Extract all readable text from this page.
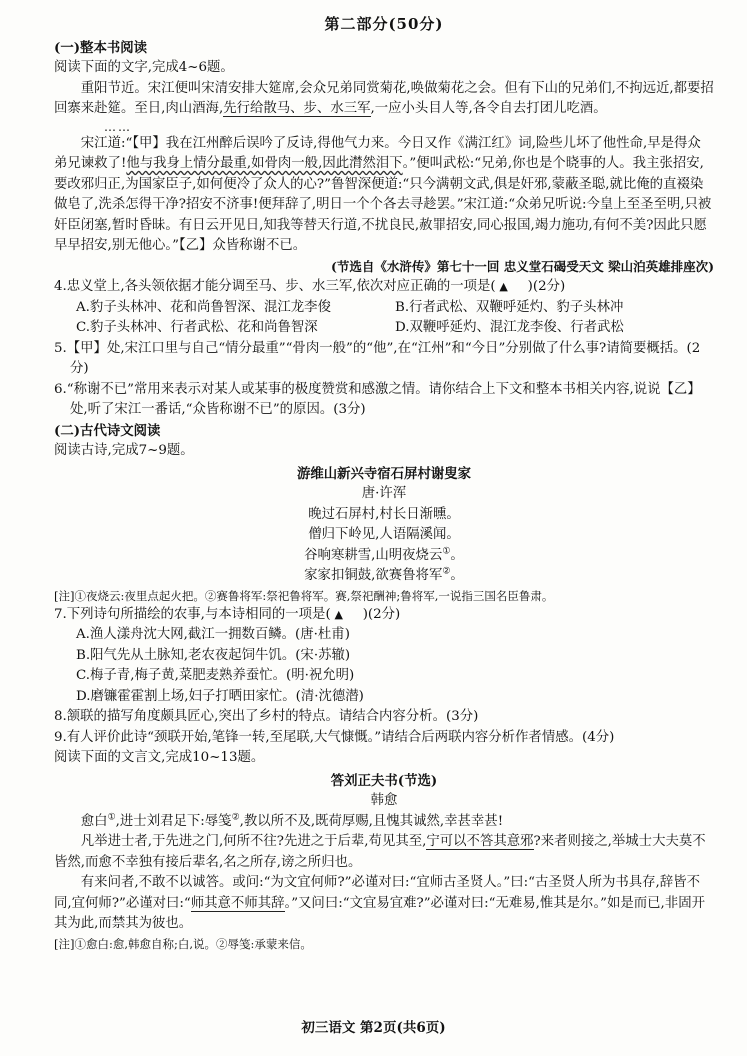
第二部分(50分)

(一)整本书阅读

阅读下面的文字,完成4~6题。

重阳节近。宋江便叫宋清安排大筵席,会众兄弟同赏菊花,唤做菊花之会。但有下山的兄弟们,不拘远近,都要招回寨来赴筵。至日,肉山酒海,先行给散马、步、水三军,一应小头目人等,各令自去打团儿吃酒。

……

宋江道:“【甲】我在江州醉后误吟了反诗,得他气力来。今日又作《满江红》词,险些儿坏了他性命,早是得众弟兄谏救了!他与我身上情分最重,如骨肉一般,因此潸然泪下。”便叫武松:“兄弟,你也是个晓事的人。我主张招安,要改邪归正,为国家臣子,如何便冷了众人的心?”鲁智深便道:“只今满朝文武,俱是奸邪,蒙蔽圣聪,就比俺的直裰染做皂了,洗杀怎得干净?招安不济事!便拜辞了,明日一个个各去寻趁罢。”宋江道:“众弟兄听说:今皇上至圣至明,只被奸臣闭塞,暂时昏昧。有日云开见日,知我等替天行道,不扰良民,赦罪招安,同心报国,竭力施功,有何不美?因此只愿早早招安,别无他心。”【乙】众皆称谢不已。

(节选自《水浒传》第七十一回 忠义堂石碣受天文 梁山泊英雄排座次)

4.忠义堂上,各头领依据才能分调至马、步、水三军,依次对应正确的一项是( ▲ )(2分)

A.豹子头林冲、花和尚鲁智深、混江龙李俊	B.行者武松、双鞭呼延灼、豹子头林冲

C.豹子头林冲、行者武松、花和尚鲁智深	D.双鞭呼延灼、混江龙李俊、行者武松

5.【甲】处,宋江口里与自己“情分最重”“骨肉一般”的“他”,在“江州”和“今日”分别做了什么事?请简要概括。(2分)

6.“称谢不已”常用来表示对某人或某事的极度赞赏和感激之情。请你结合上下文和整本书相关内容,说说【乙】处,听了宋江一番话,“众皆称谢不已”的原因。(3分)

(二)古代诗文阅读

阅读古诗,完成7~9题。

游维山新兴寺宿石屏村谢叟家

唐·许浑

晚过石屏村,村长日渐曛。

僧归下岭见,人语隔溪闻。

谷响寒耕雪,山明夜烧云①。

家家扣铜鼓,欲赛鲁将军②。

[注]①夜烧云:夜里点起火把。②赛鲁将军:祭祀鲁将军。赛,祭祀酬神;鲁将军,一说指三国名臣鲁肃。

7.下列诗句所描绘的农事,与本诗相同的一项是( ▲ )(2分)

A.渔人漾舟沈大网,截江一拥数百鳞。(唐·杜甫)

B.阳气先从土脉知,老农夜起饲牛饥。(宋·苏辙)

C.梅子青,梅子黄,菜肥麦熟养蚕忙。(明·祝允明)

D.磨镰霍霍割上场,妇子打晒田家忙。(清·沈德潜)

8.颔联的描写角度颇具匠心,突出了乡村的特点。请结合内容分析。(3分)

9.有人评价此诗“颈联开始,笔锋一转,至尾联,大气慷慨。”请结合后两联内容分析作者情感。(4分)

阅读下面的文言文,完成10~13题。

答刘正夫书(节选)

韩愈

愈白①,进士刘君足下:辱笺②,教以所不及,既荷厚赐,且愧其诚然,幸甚幸甚!

凡举进士者,于先进之门,何所不往?先进之于后辈,苟见其至,宁可以不答其意邪?来者则接之,举城士大夫莫不皆然,而愈不幸独有接后辈名,名之所存,谤之所归也。

有来问者,不敢不以诚答。或问:“为文宜何师?”必谨对曰:“宜师古圣贤人。”曰:“古圣贤人所为书具存,辞皆不同,宜何师?”必谨对曰:“师其意不师其辞。”又问曰:“文宜易宜难?”必谨对曰:“无难易,惟其是尔。”如是而已,非固开其为此,而禁其为彼也。

[注]①愈白:愈,韩愈自称;白,说。②辱笺:承蒙来信。

初三语文 第2页(共6页)
